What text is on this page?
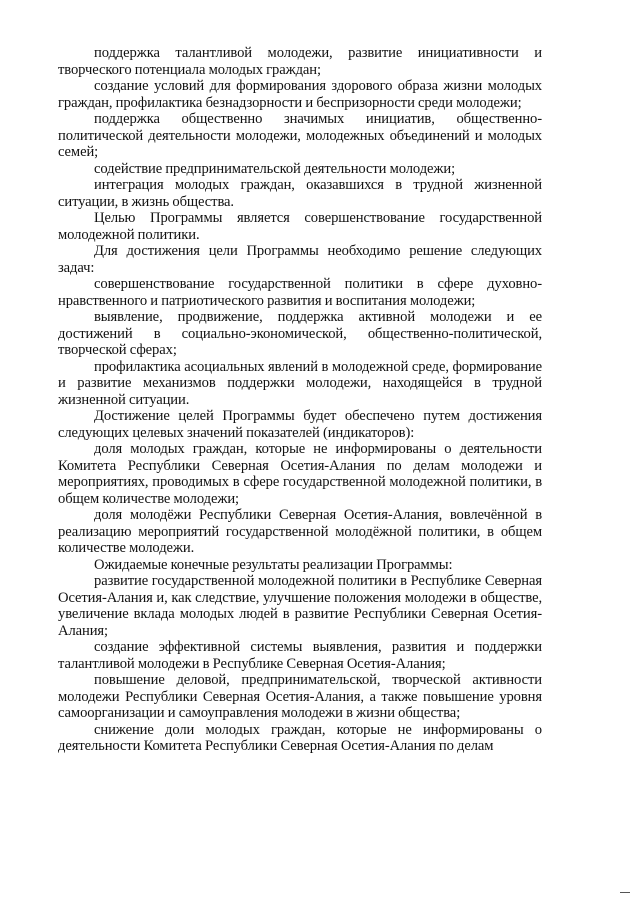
поддержка талантливой молодежи, развитие инициативности и творческого потенциала молодых граждан;

создание условий для формирования здорового образа жизни молодых граждан, профилактика безнадзорности и беспризорности среди молодежи;

поддержка общественно значимых инициатив, общественно-политической деятельности молодежи, молодежных объединений и молодых семей;

содействие предпринимательской деятельности молодежи;

интеграция молодых граждан, оказавшихся в трудной жизненной ситуации, в жизнь общества.

Целью Программы является совершенствование государственной молодежной политики.

Для достижения цели Программы необходимо решение следующих задач:

совершенствование государственной политики в сфере духовно-нравственного и патриотического развития и воспитания молодежи;

выявление, продвижение, поддержка активной молодежи и ее достижений в социально-экономической, общественно-политической, творческой сферах;

профилактика асоциальных явлений в молодежной среде, формирование и развитие механизмов поддержки молодежи, находящейся в трудной жизненной ситуации.

Достижение целей Программы будет обеспечено путем достижения следующих целевых значений показателей (индикаторов):

доля молодых граждан, которые не информированы о деятельности Комитета Республики Северная Осетия-Алания по делам молодежи и мероприятиях, проводимых в сфере государственной молодежной политики, в общем количестве молодежи;

доля молодёжи Республики Северная Осетия-Алания, вовлечённой в реализацию мероприятий государственной молодёжной политики, в общем количестве молодежи.

Ожидаемые конечные результаты реализации Программы:

развитие государственной молодежной политики в Республике Северная Осетия-Алания и, как следствие, улучшение положения молодежи в обществе, увеличение вклада молодых людей в развитие Республики Северная Осетия-Алания;

создание эффективной системы выявления, развития и поддержки талантливой молодежи в Республике Северная Осетия-Алания;

повышение деловой, предпринимательской, творческой активности молодежи Республики Северная Осетия-Алания, а также повышение уровня самоорганизации и самоуправления молодежи в жизни общества;

снижение доли молодых граждан, которые не информированы о деятельности Комитета Республики Северная Осетия-Алания по делам
